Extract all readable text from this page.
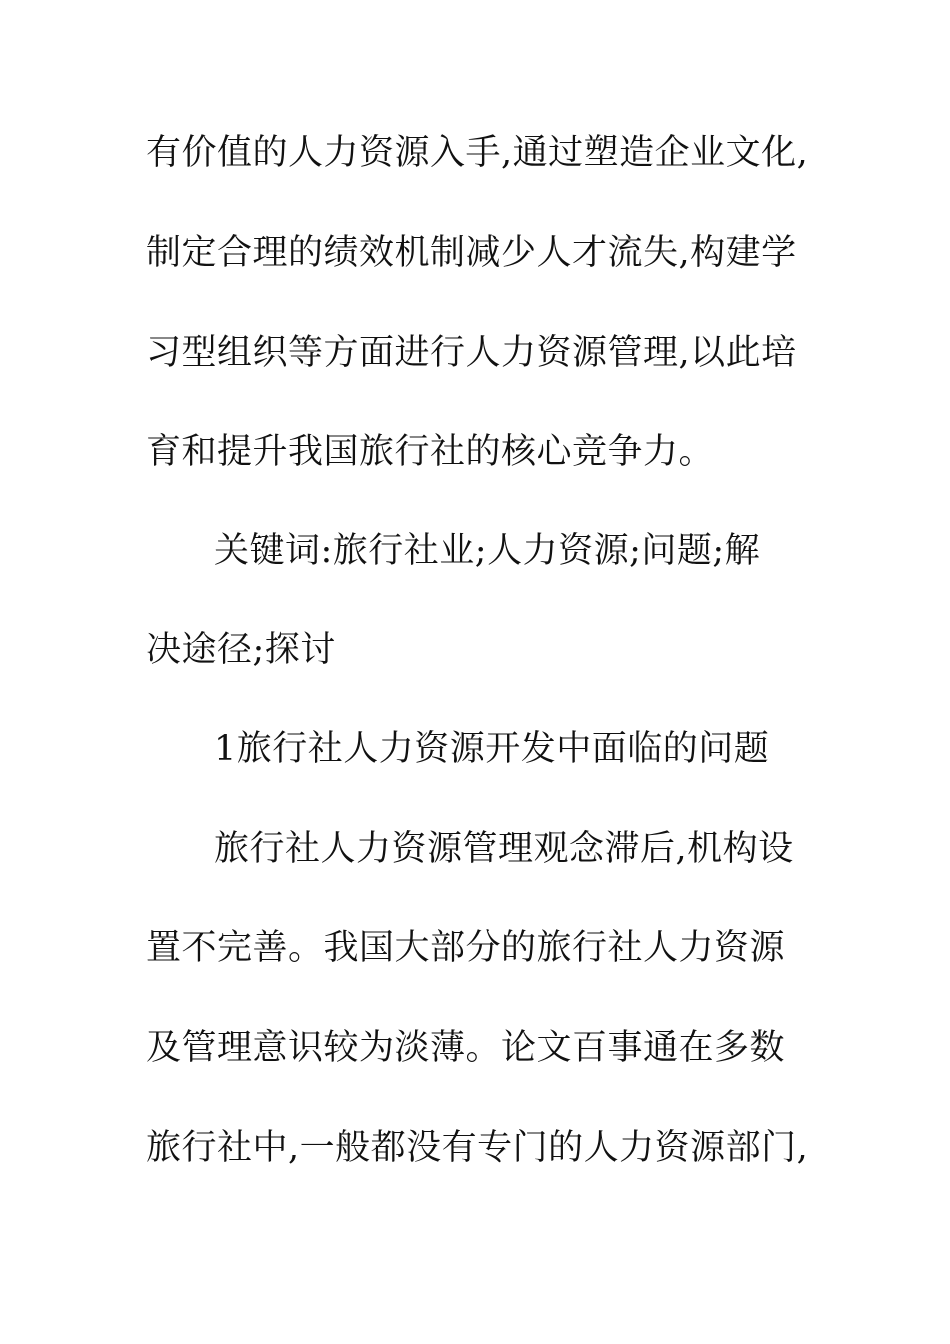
有价值的人力资源入手,通过塑造企业文化,
制定合理的绩效机制减少人才流失,构建学
习型组织等方面进行人力资源管理,以此培
育和提升我国旅行社的核心竞争力。
关键词:旅行社业;人力资源;问题;解
决途径;探讨
1旅行社人力资源开发中面临的问题
旅行社人力资源管理观念滞后,机构设
置不完善。我国大部分的旅行社人力资源
及管理意识较为淡薄。论文百事通在多数
旅行社中,一般都没有专门的人力资源部门,
